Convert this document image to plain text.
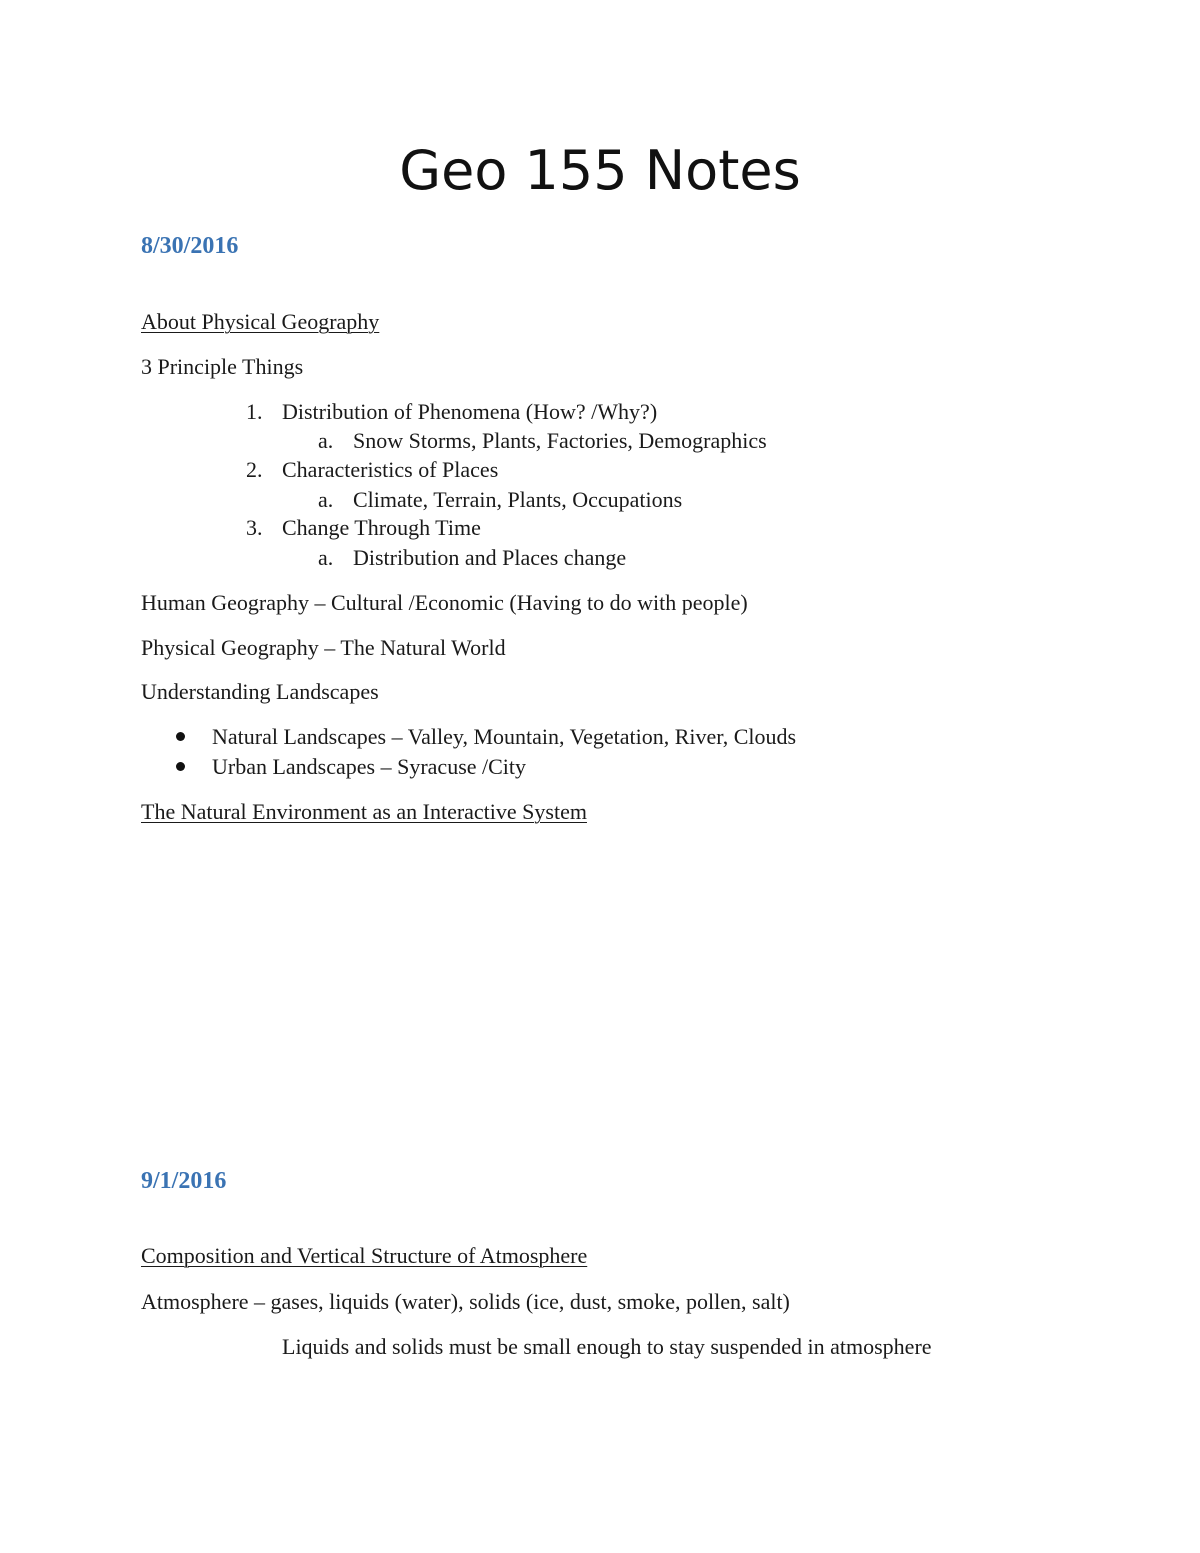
Geo 155 Notes
8/30/2016
About Physical Geography
3 Principle Things
1. Distribution of Phenomena (How? /Why?)
a. Snow Storms, Plants, Factories, Demographics
2. Characteristics of Places
a. Climate, Terrain, Plants, Occupations
3. Change Through Time
a. Distribution and Places change
Human Geography – Cultural /Economic (Having to do with people)
Physical Geography – The Natural World
Understanding Landscapes
Natural Landscapes – Valley, Mountain, Vegetation, River, Clouds
Urban Landscapes – Syracuse /City
The Natural Environment as an Interactive System
9/1/2016
Composition and Vertical Structure of Atmosphere
Atmosphere – gases, liquids (water), solids (ice, dust, smoke, pollen, salt)
Liquids and solids must be small enough to stay suspended in atmosphere
